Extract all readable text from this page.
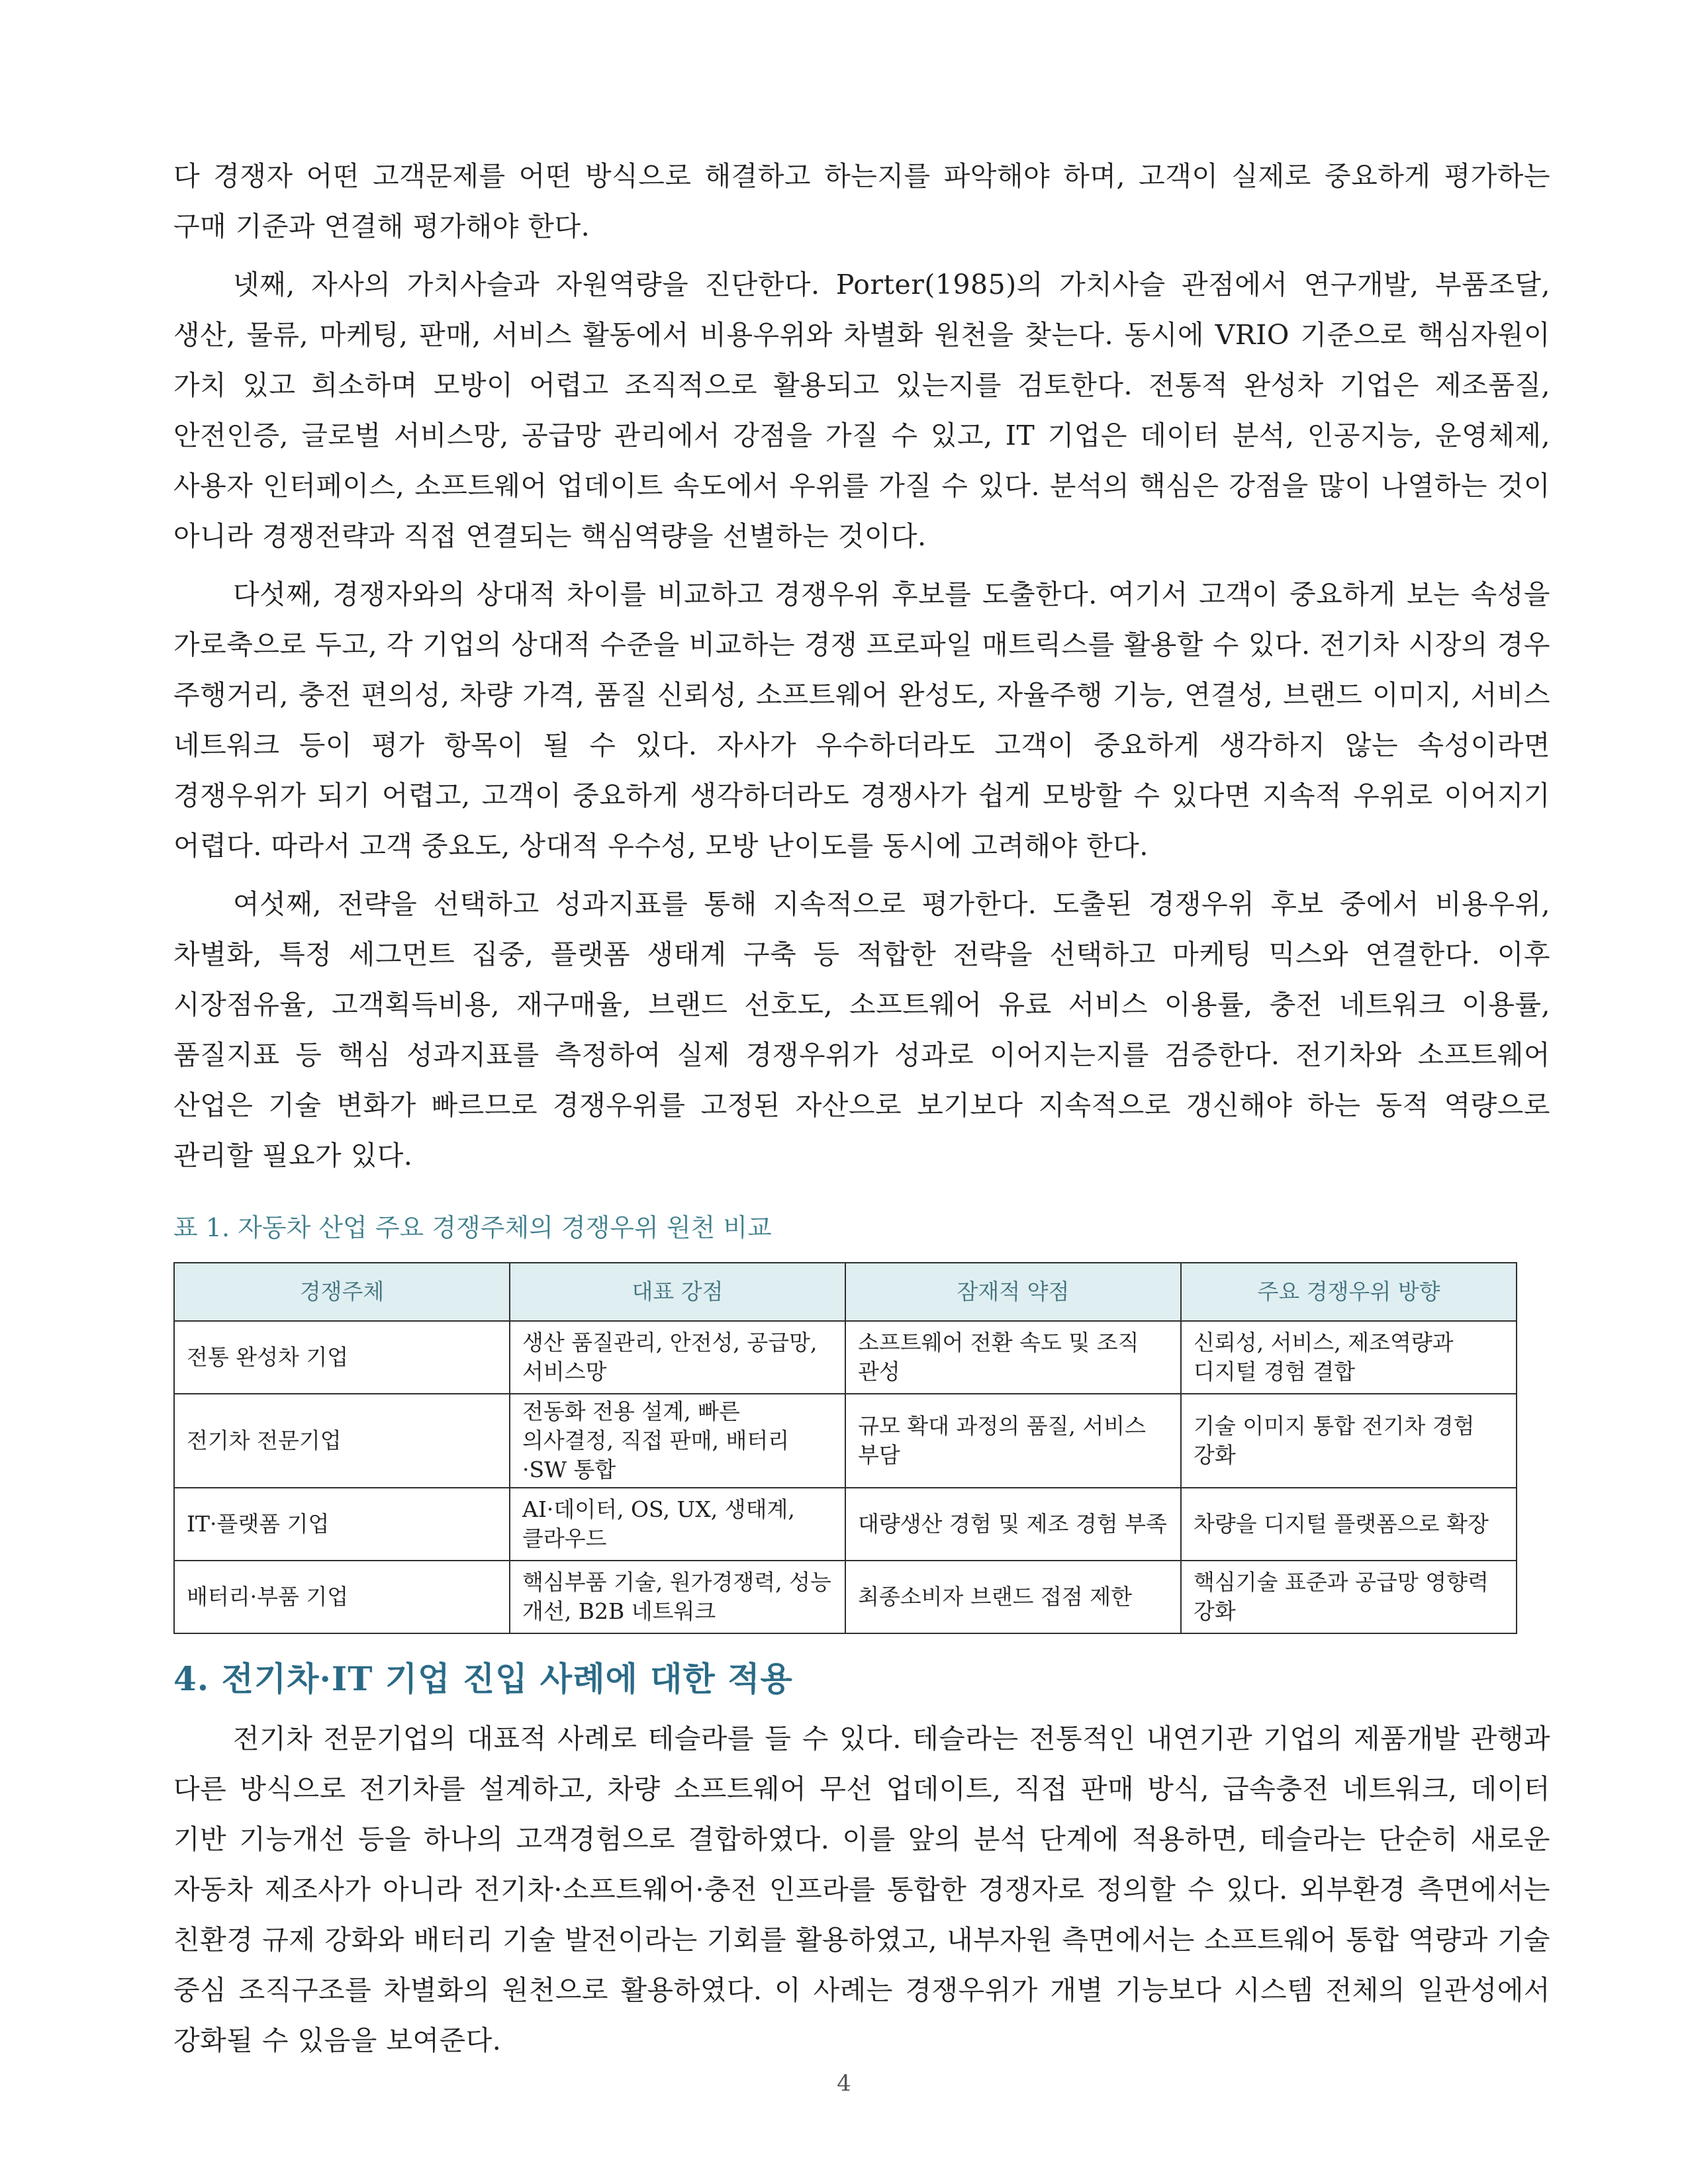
다 경쟁자 어떤 고객문제를 어떤 방식으로 해결하고 하는지를 파악해야 하며, 고객이 실제로 중요하게 평가하는 구매 기준과 연결해 평가해야 한다.

넷째, 자사의 가치사슬과 자원역량을 진단한다. Porter(1985)의 가치사슬 관점에서 연구개발, 부품조달, 생산, 물류, 마케팅, 판매, 서비스 활동에서 비용우위와 차별화 원천을 찾는다. 동시에 VRIO 기준으로 핵심자원이 가치 있고 희소하며 모방이 어렵고 조직적으로 활용되고 있는지를 검토한다. 전통적 완성차 기업은 제조품질, 안전인증, 글로벌 서비스망, 공급망 관리에서 강점을 가질 수 있고, IT 기업은 데이터 분석, 인공지능, 운영체제, 사용자 인터페이스, 소프트웨어 업데이트 속도에서 우위를 가질 수 있다. 분석의 핵심은 강점을 많이 나열하는 것이 아니라 경쟁전략과 직접 연결되는 핵심역량을 선별하는 것이다.

다섯째, 경쟁자와의 상대적 차이를 비교하고 경쟁우위 후보를 도출한다. 여기서 고객이 중요하게 보는 속성을 가로축으로 두고, 각 기업의 상대적 수준을 비교하는 경쟁 프로파일 매트릭스를 활용할 수 있다. 전기차 시장의 경우 주행거리, 충전 편의성, 차량 가격, 품질 신뢰성, 소프트웨어 완성도, 자율주행 기능, 연결성, 브랜드 이미지, 서비스 네트워크 등이 평가 항목이 될 수 있다. 자사가 우수하더라도 고객이 중요하게 생각하지 않는 속성이라면 경쟁우위가 되기 어렵고, 고객이 중요하게 생각하더라도 경쟁사가 쉽게 모방할 수 있다면 지속적 우위로 이어지기 어렵다. 따라서 고객 중요도, 상대적 우수성, 모방 난이도를 동시에 고려해야 한다.

여섯째, 전략을 선택하고 성과지표를 통해 지속적으로 평가한다. 도출된 경쟁우위 후보 중에서 비용우위, 차별화, 특정 세그먼트 집중, 플랫폼 생태계 구축 등 적합한 전략을 선택하고 마케팅 믹스와 연결한다. 이후 시장점유율, 고객획득비용, 재구매율, 브랜드 선호도, 소프트웨어 유료 서비스 이용률, 충전 네트워크 이용률, 품질지표 등 핵심 성과지표를 측정하여 실제 경쟁우위가 성과로 이어지는지를 검증한다. 전기차와 소프트웨어 산업은 기술 변화가 빠르므로 경쟁우위를 고정된 자산으로 보기보다 지속적으로 갱신해야 하는 동적 역량으로 관리할 필요가 있다.

표 1. 자동차 산업 주요 경쟁주체의 경쟁우위 원천 비교
경쟁주체	대표 강점	잠재적 약점	주요 경쟁우위 방향
전통 완성차 기업	생산 품질관리, 안전성, 공급망, 서비스망	소프트웨어 전환 속도 및 조직 관성	신뢰성, 서비스, 제조역량과 디지털 경험 결합
전기차 전문기업	전동화 전용 설계, 빠른 의사결정, 직접 판매, 배터리·SW 통합	규모 확대 과정의 품질, 서비스 부담	기술 이미지 통합 전기차 경험 강화
IT·플랫폼 기업	AI·데이터, OS, UX, 생태계, 클라우드	대량생산 경험 및 제조 경험 부족	차량을 디지털 플랫폼으로 확장
배터리·부품 기업	핵심부품 기술, 원가경쟁력, 성능 개선, B2B 네트워크	최종소비자 브랜드 접점 제한	핵심기술 표준과 공급망 영향력 강화
4. 전기차·IT 기업 진입 사례에 대한 적용

전기차 전문기업의 대표적 사례로 테슬라를 들 수 있다. 테슬라는 전통적인 내연기관 기업의 제품개발 관행과 다른 방식으로 전기차를 설계하고, 차량 소프트웨어 무선 업데이트, 직접 판매 방식, 급속충전 네트워크, 데이터 기반 기능개선 등을 하나의 고객경험으로 결합하였다. 이를 앞의 분석 단계에 적용하면, 테슬라는 단순히 새로운 자동차 제조사가 아니라 전기차·소프트웨어·충전 인프라를 통합한 경쟁자로 정의할 수 있다. 외부환경 측면에서는 친환경 규제 강화와 배터리 기술 발전이라는 기회를 활용하였고, 내부자원 측면에서는 소프트웨어 통합 역량과 기술 중심 조직구조를 차별화의 원천으로 활용하였다. 이 사례는 경쟁우위가 개별 기능보다 시스템 전체의 일관성에서 강화될 수 있음을 보여준다.

4
